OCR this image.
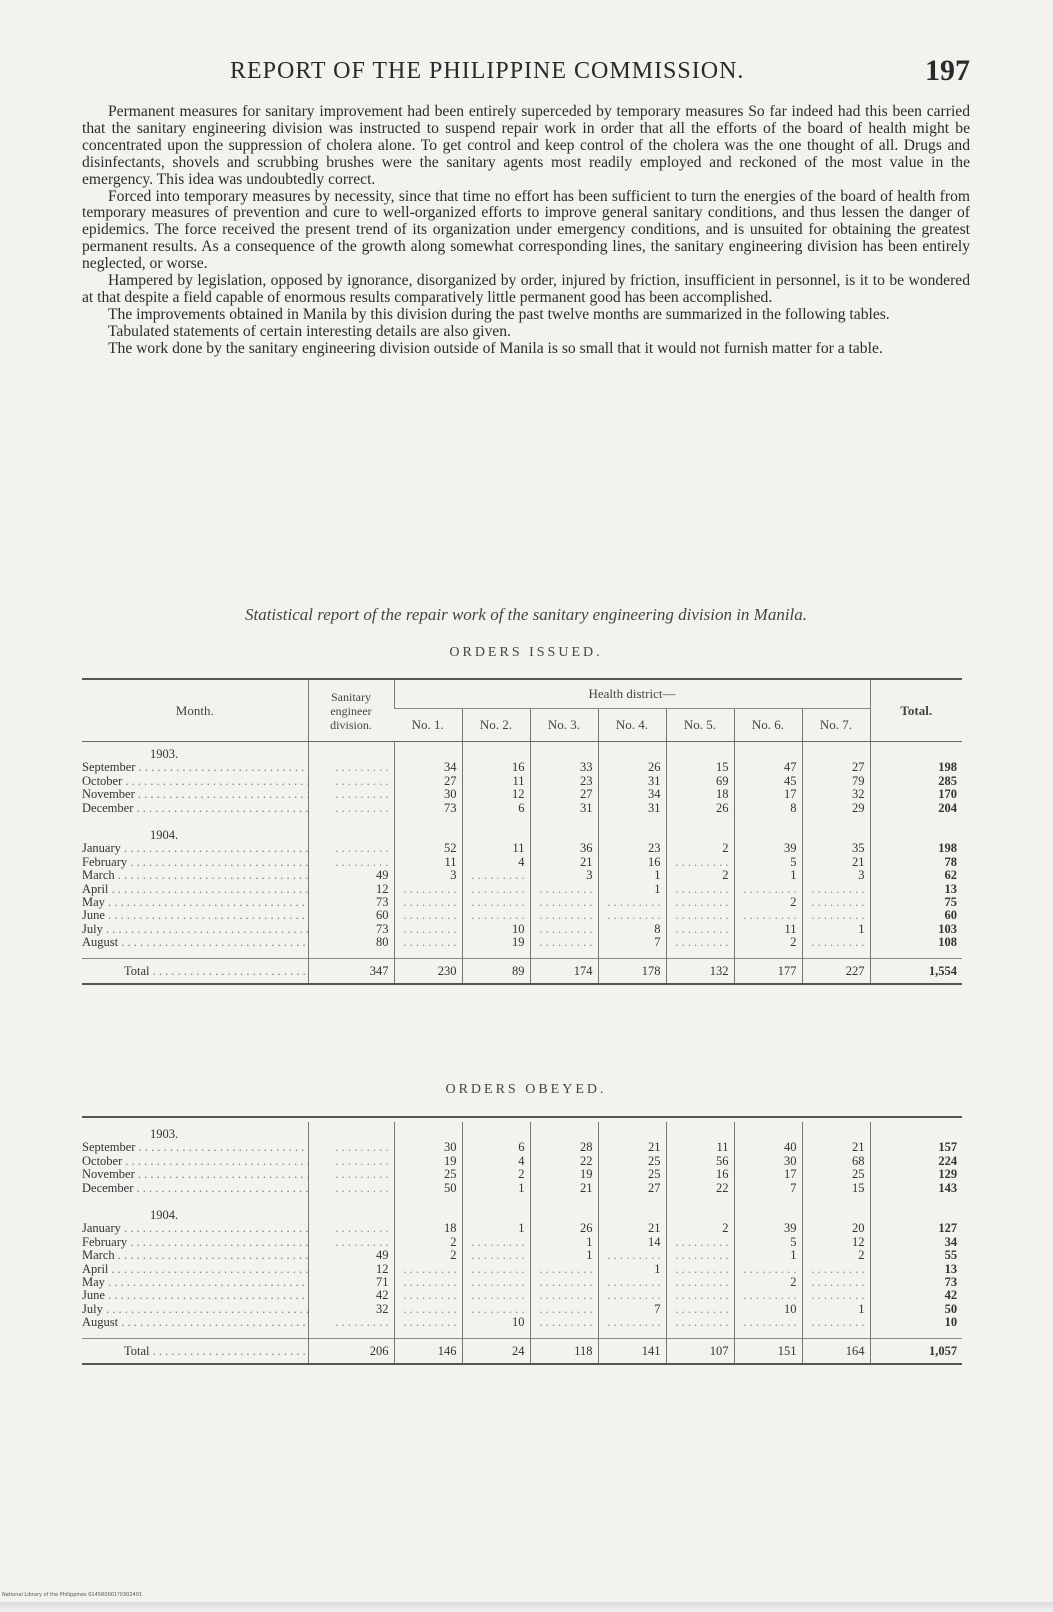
REPORT OF THE PHILIPPINE COMMISSION.	197

Permanent measures for sanitary improvement had been entirely superceded by temporary measures So far indeed had this been carried that the sanitary engineering division was instructed to suspend repair work in order that all the efforts of the board of health might be concentrated upon the suppression of cholera alone. To get control and keep control of the cholera was the one thought of all. Drugs and disinfectants, shovels and scrubbing brushes were the sanitary agents most readily employed and reckoned of the most value in the emergency. This idea was undoubtedly correct.

Forced into temporary measures by necessity, since that time no effort has been sufficient to turn the energies of the board of health from temporary measures of prevention and cure to well-organized efforts to improve general sanitary conditions, and thus lessen the danger of epidemics. The force received the present trend of its organization under emergency conditions, and is unsuited for obtaining the greatest permanent results. As a consequence of the growth along somewhat corresponding lines, the sanitary engineering division has been entirely neglected, or worse.

Hampered by legislation, opposed by ignorance, disorganized by order, injured by friction, insufficient in personnel, is it to be wondered at that despite a field capable of enormous results comparatively little permanent good has been accomplished.

The improvements obtained in Manila by this division during the past twelve months are summarized in the following tables.

Tabulated statements of certain interesting details are also given.

The work done by the sanitary engineering division outside of Manila is so small that it would not furnish matter for a table.

Statistical report of the repair work of the sanitary engineering division in Manila.
ORDERS ISSUED.
Month.	Sanitary engineer division.	Health district—							Total.
		No. 1.	No. 2.	No. 3.	No. 4.	No. 5.	No. 6.	No. 7.	
1903.									
September . . .	. . . . . . . . .	34	16	33	26	15	47	27	198
October . . .	. . . . . . . . .	27	11	23	31	69	45	79	285
November . . .	. . . . . . . . .	30	12	27	34	18	17	32	170
December . . .	. . . . . . . . .	73	6	31	31	26	8	29	204

1904.									
January . . .	. . . . . . . . .	52	11	36	23	2	39	35	198
February . . .	. . . . . . . . .	11	4	21	16	. . . . . . . . .	5	21	78
March . . .	49	3	. . . . . . . . .	3	1	2	1	3	62
April . . .	12	. . . . . . . . .	. . . . . . . . .	. . . . . . . . .	1	. . . . . . . . .	. . . . . . . . .	. . . . . . . . .	13
May . . .	73	. . . . . . . . .	. . . . . . . . .	. . . . . . . . .	. . . . . . . . .	. . . . . . . . .	2	. . . . . . . . .	75
June . . .	60	. . . . . . . . .	. . . . . . . . .	. . . . . . . . .	. . . . . . . . .	. . . . . . . . .	. . . . . . . . .	. . . . . . . . .	60
July . . .	73	. . . . . . . . .	10	. . . . . . . . .	8	. . . . . . . . .	11	1	103
August . . .	80	. . . . . . . . .	19	. . . . . . . . .	7	. . . . . . . . .	2	. . . . . . . . .	108

Total . . .	347	230	89	174	178	132	177	227	1,554
ORDERS OBEYED.

1903.									
September . . .	. . . . . . . . .	30	6	28	21	11	40	21	157
October . . .	. . . . . . . . .	19	4	22	25	56	30	68	224
November . . .	. . . . . . . . .	25	2	19	25	16	17	25	129
December . . .	. . . . . . . . .	50	1	21	27	22	7	15	143

1904.									
January . . .	. . . . . . . . .	18	1	26	21	2	39	20	127
February . . .	. . . . . . . . .	2	. . . . . . . . .	1	14	. . . . . . . . .	5	12	34
March . . .	49	2	. . . . . . . . .	1	. . . . . . . . .	. . . . . . . . .	1	2	55
April . . .	12	. . . . . . . . .	. . . . . . . . .	. . . . . . . . .	1	. . . . . . . . .	. . . . . . . . .	. . . . . . . . .	13
May . . .	71	. . . . . . . . .	. . . . . . . . .	. . . . . . . . .	. . . . . . . . .	. . . . . . . . .	2	. . . . . . . . .	73
June . . .	42	. . . . . . . . .	. . . . . . . . .	. . . . . . . . .	. . . . . . . . .	. . . . . . . . .	. . . . . . . . .	. . . . . . . . .	42
July . . .	32	. . . . . . . . .	. . . . . . . . .	. . . . . . . . .	7	. . . . . . . . .	10	1	50
August . . .	. . . . . . . . .	. . . . . . . . .	10	. . . . . . . . .	. . . . . . . . .	. . . . . . . . .	. . . . . . . . .	. . . . . . . . .	10

Total . . .	206	146	24	118	141	107	151	164	1,057
National Library of the Philippines 0145R0001?0302401
